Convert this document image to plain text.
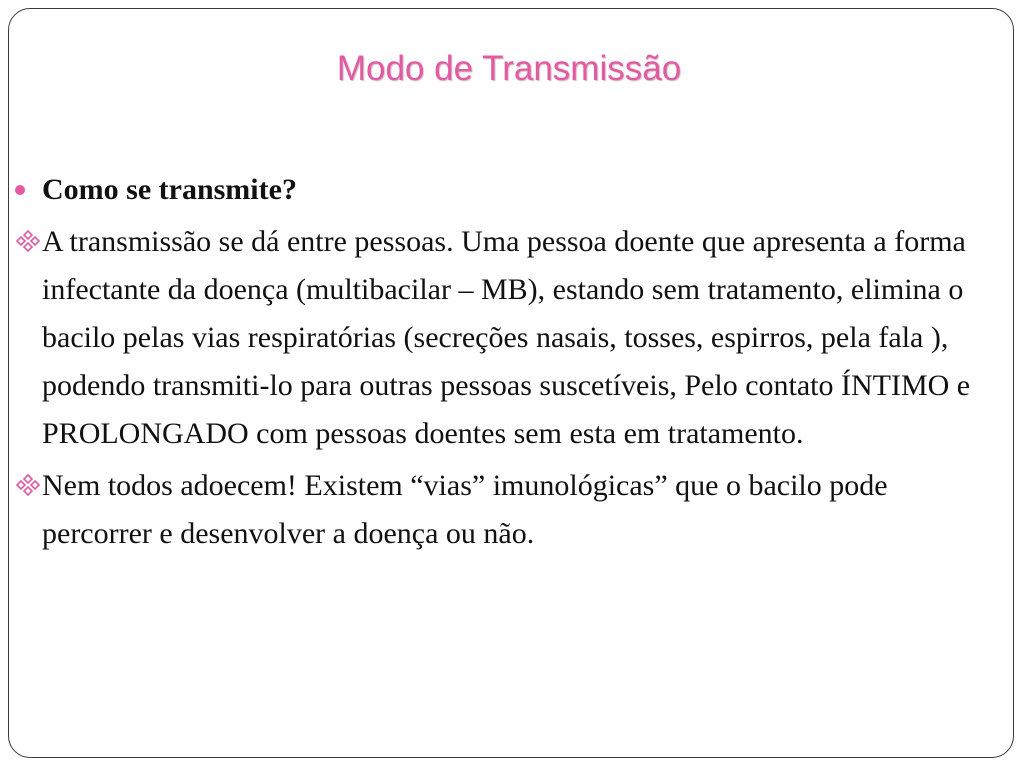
Modo de Transmissão
Como se transmite?
A transmissão se dá entre pessoas. Uma pessoa doente que apresenta a forma infectante da doença (multibacilar – MB), estando sem tratamento, elimina o bacilo pelas vias respiratórias (secreções nasais, tosses, espirros, pela fala ), podendo transmiti-lo para outras pessoas suscetíveis, Pelo contato ÍNTIMO e PROLONGADO com pessoas doentes sem esta em tratamento.
Nem todos adoecem! Existem “vias” imunológicas” que o bacilo pode percorrer e desenvolver a doença ou não.
